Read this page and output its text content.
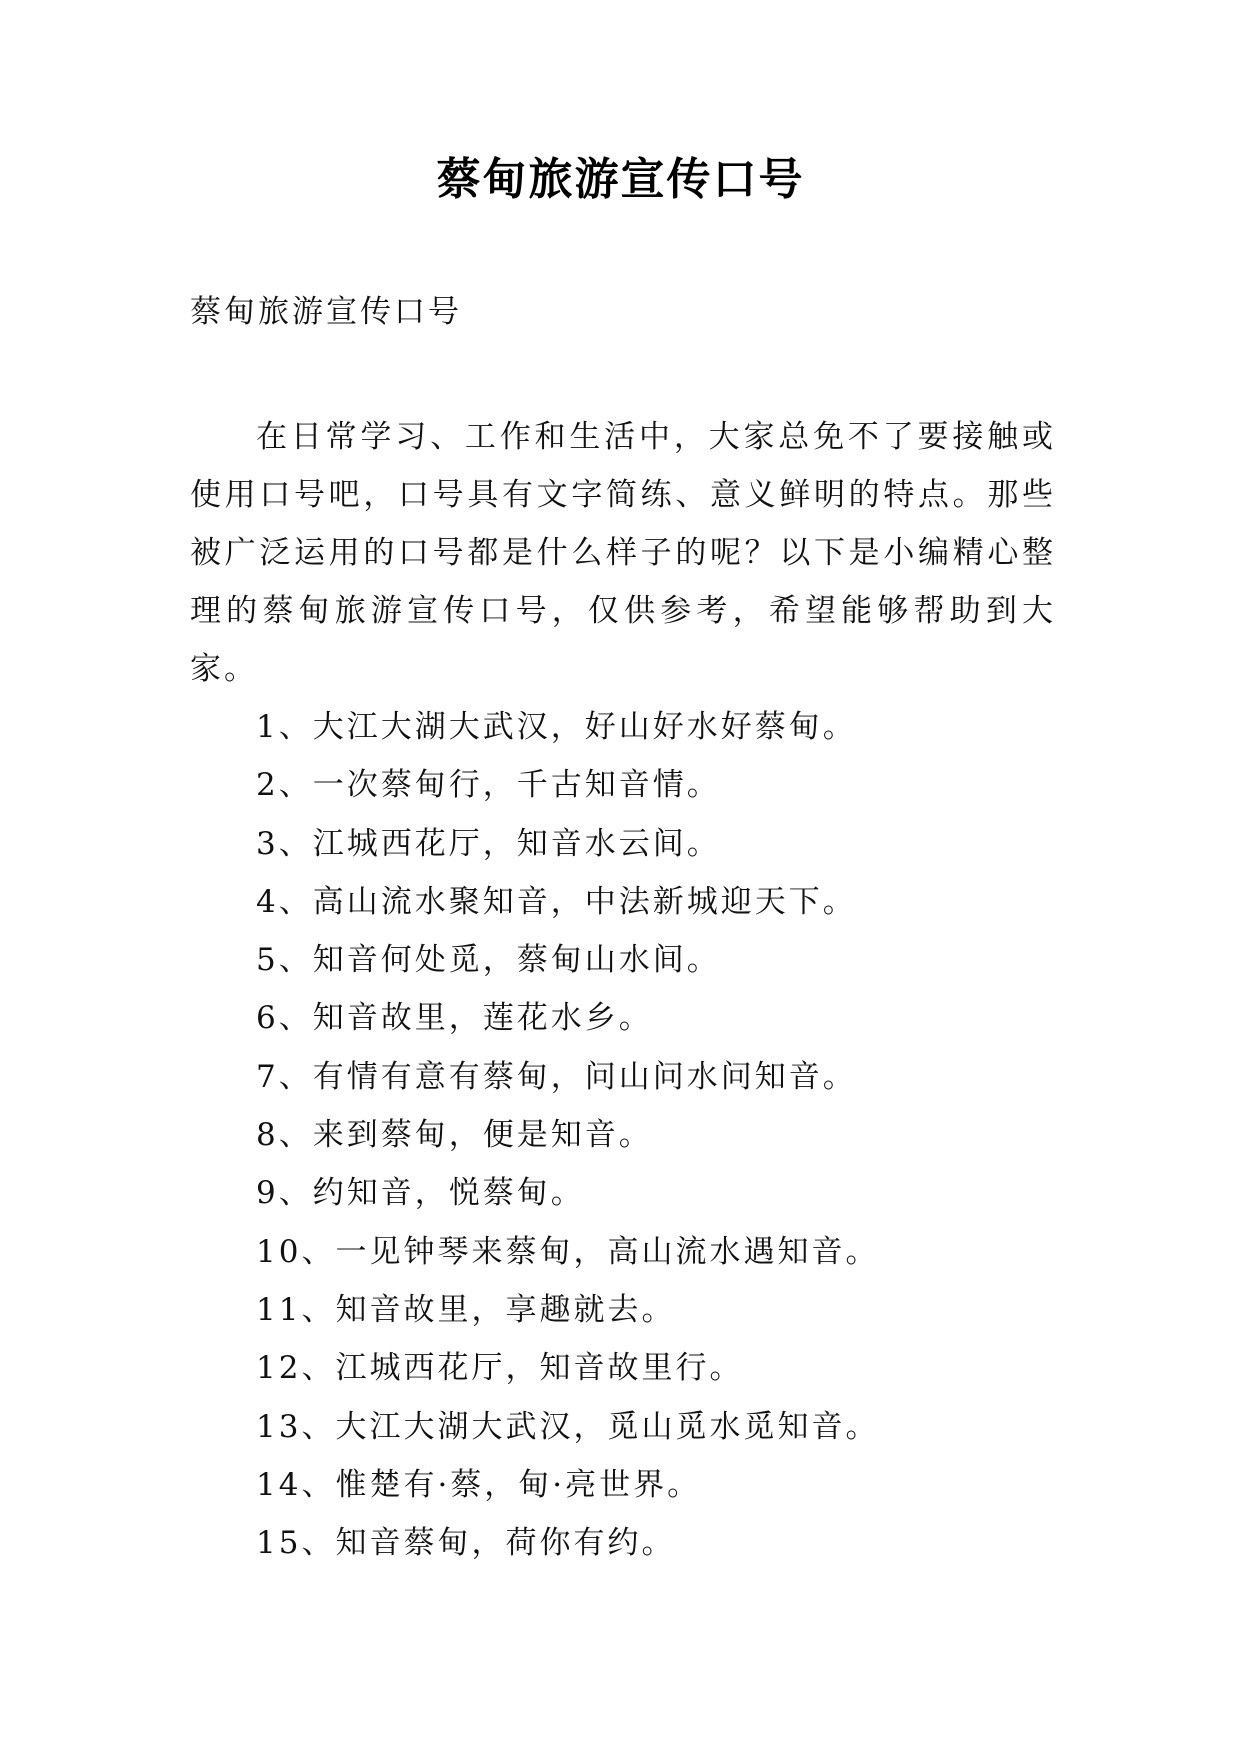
蔡甸旅游宣传口号
蔡甸旅游宣传口号

在日常学习、工作和生活中，大家总免不了要接触或使用口号吧，口号具有文字简练、意义鲜明的特点。那些被广泛运用的口号都是什么样子的呢？以下是小编精心整理的蔡甸旅游宣传口号，仅供参考，希望能够帮助到大家。

1、大江大湖大武汉，好山好水好蔡甸。
2、一次蔡甸行，千古知音情。
3、江城西花厅，知音水云间。
4、高山流水聚知音，中法新城迎天下。
5、知音何处觅，蔡甸山水间。
6、知音故里，莲花水乡。
7、有情有意有蔡甸，问山问水问知音。
8、来到蔡甸，便是知音。
9、约知音，悦蔡甸。
10、一见钟琴来蔡甸，高山流水遇知音。
11、知音故里，享趣就去。
12、江城西花厅，知音故里行。
13、大江大湖大武汉，觅山觅水觅知音。
14、惟楚有·蔡，甸·亮世界。
15、知音蔡甸，荷你有约。
